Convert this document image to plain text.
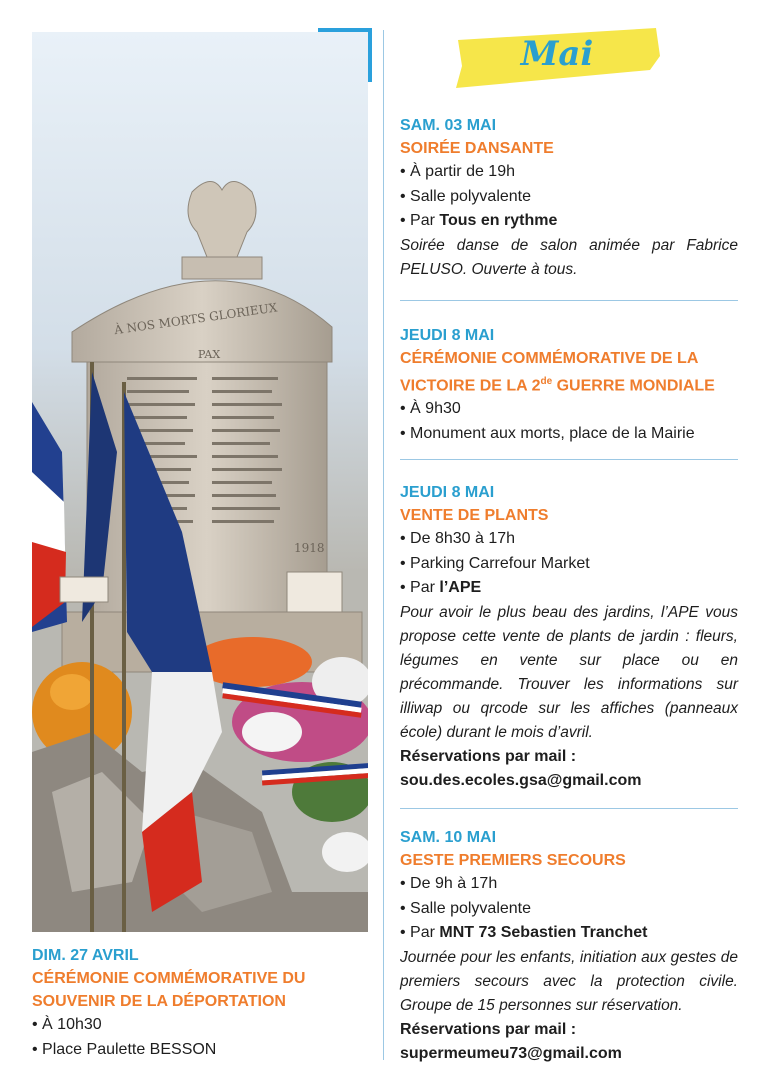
À NOS MORTS GLORIEUX
PAX
1918
Mai
SAM. 03 MAI
SOIRÉE DANSANTE
• À partir de 19h
• Salle polyvalente
• Par Tous en rythme
Soirée danse de salon animée par Fabrice PELUSO. Ouverte à tous.
JEUDI 8 MAI
CÉRÉMONIE COMMÉMORATIVE DE LA
VICTOIRE DE LA 2de GUERRE MONDIALE
• À 9h30
• Monument aux morts, place de la Mairie
JEUDI 8 MAI
VENTE DE PLANTS
• De 8h30 à 17h
• Parking Carrefour Market
• Par l’APE
Pour avoir le plus beau des jardins, l’APE vous propose cette vente de plants de jardin : fleurs, légumes en vente sur place ou en précommande. Trouver les informations sur illiwap ou qrcode sur les affiches (panneaux école) durant le mois d’avril.
Réservations par mail :
sou.des.ecoles.gsa@gmail.com
SAM. 10 MAI
GESTE PREMIERS SECOURS
• De 9h à 17h
• Salle polyvalente
• Par MNT 73 Sebastien Tranchet
Journée pour les enfants, initiation aux gestes de premiers secours avec la protection civile. Groupe de 15 personnes sur réservation.
Réservations par mail :
supermeumeu73@gmail.com
DIM. 27 AVRIL
CÉRÉMONIE COMMÉMORATIVE DU
SOUVENIR DE LA DÉPORTATION
• À 10h30
• Place Paulette BESSON
